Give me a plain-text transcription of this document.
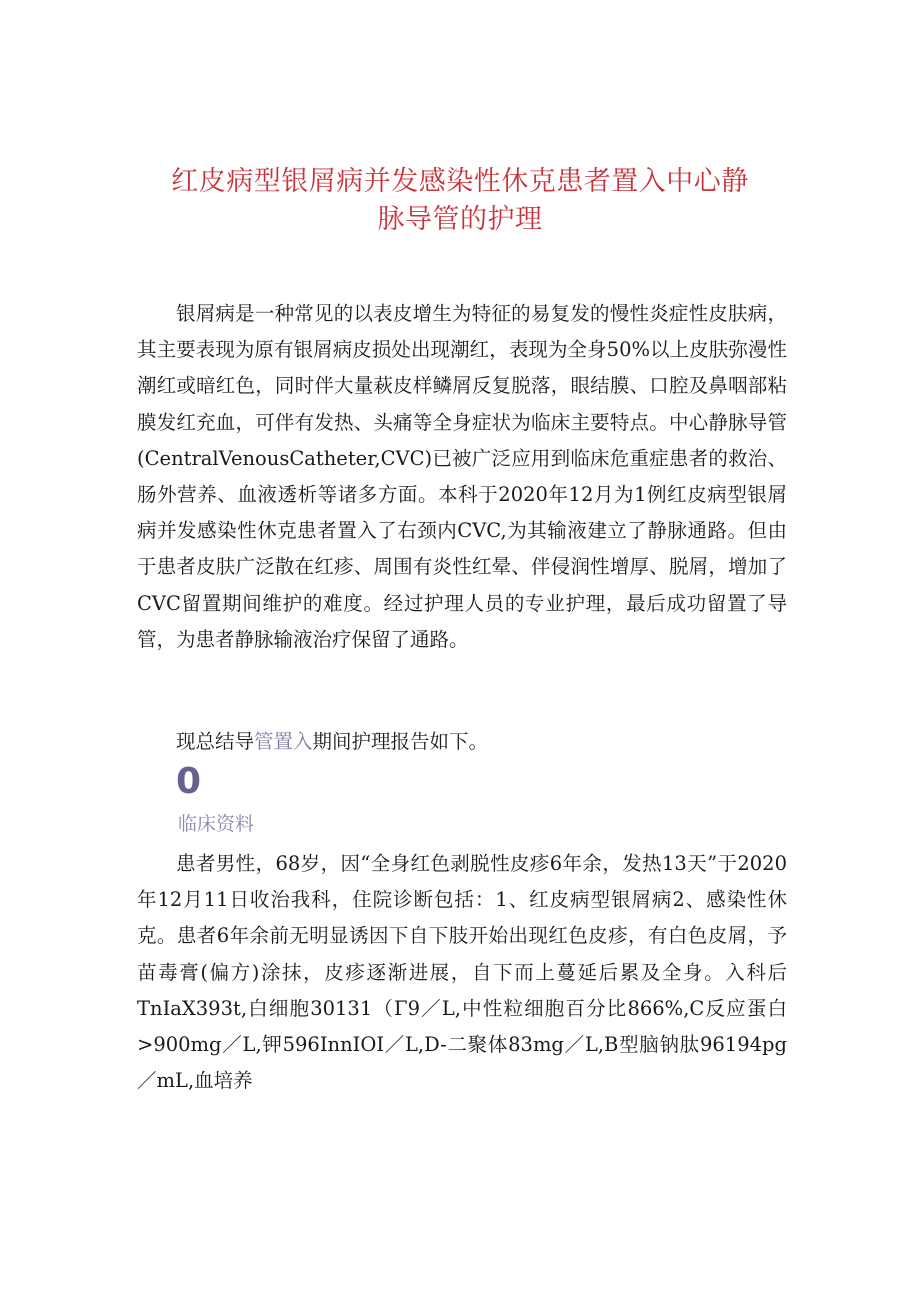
红皮病型银屑病并发感染性休克患者置入中心静
脉导管的护理
银屑病是一种常见的以表皮增生为特征的易复发的慢性炎症性皮肤病，其主要表现为原有银屑病皮损处出现潮红，表现为全身50%以上皮肤弥漫性潮红或暗红色，同时伴大量萩皮样鳞屑反复脱落，眼结膜、口腔及鼻咽部粘膜发红充血，可伴有发热、头痛等全身症状为临床主要特点。中心静脉导管(CentralVenousCatheter,CVC)已被广泛应用到临床危重症患者的救治、肠外营养、血液透析等诸多方面。本科于2020年12月为1例红皮病型银屑病并发感染性休克患者置入了右颈内CVC,为其输液建立了静脉通路。但由于患者皮肤广泛散在红疹、周围有炎性红晕、伴侵润性增厚、脱屑，增加了CVC留置期间维护的难度。经过护理人员的专业护理，最后成功留置了导管，为患者静脉输液治疗保留了通路。
现总结导管置入期间护理报告如下。
0
临床资料
患者男性，68岁，因“全身红色剥脱性皮疹6年余，发热13天”于2020年12月11日收治我科，住院诊断包括：1、红皮病型银屑病2、感染性休克。患者6年余前无明显诱因下自下肢开始出现红色皮疹，有白色皮屑，予苗毒膏(偏方)涂抹，皮疹逐渐进展，自下而上蔓延后累及全身。入科后TnIaX393t,白细胞30131（Γ9／L,中性粒细胞百分比866%,C反应蛋白>900mg／L,钾596InnIOI／L,D-二聚体83mg／L,B型脑钠肽96194pg／mL,血培养
